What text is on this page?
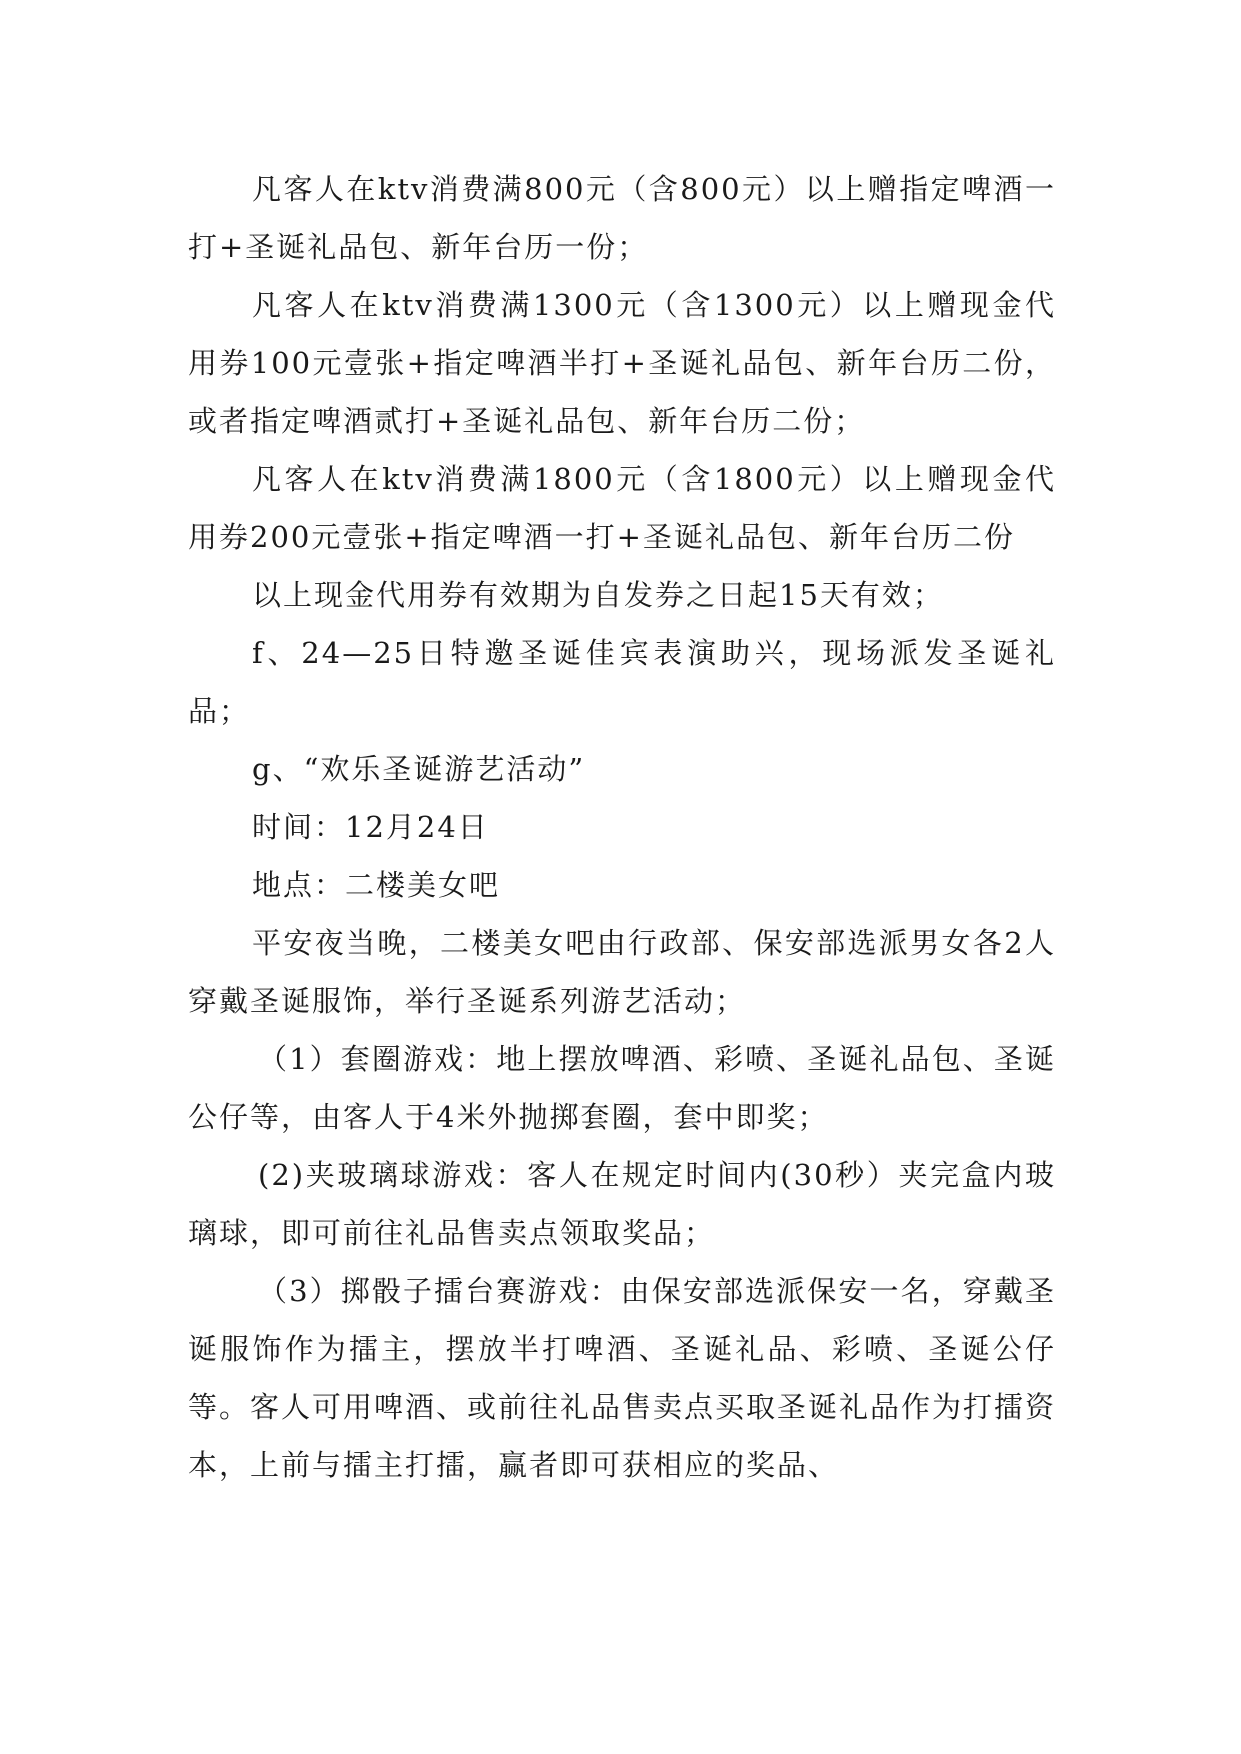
凡客人在ktv消费满800元（含800元）以上赠指定啤酒一打+圣诞礼品包、新年台历一份；

凡客人在ktv消费满1300元（含1300元）以上赠现金代用券100元壹张+指定啤酒半打+圣诞礼品包、新年台历二份，或者指定啤酒贰打+圣诞礼品包、新年台历二份；

凡客人在ktv消费满1800元（含1800元）以上赠现金代用券200元壹张+指定啤酒一打+圣诞礼品包、新年台历二份

以上现金代用券有效期为自发券之日起15天有效；

f、24—25日特邀圣诞佳宾表演助兴，现场派发圣诞礼品；

g、“欢乐圣诞游艺活动”

时间：12月24日

地点：二楼美女吧

平安夜当晚，二楼美女吧由行政部、保安部选派男女各2人穿戴圣诞服饰，举行圣诞系列游艺活动；

（1）套圈游戏：地上摆放啤酒、彩喷、圣诞礼品包、圣诞公仔等，由客人于4米外抛掷套圈，套中即奖；

(2)夹玻璃球游戏：客人在规定时间内(30秒）夹完盒内玻璃球，即可前往礼品售卖点领取奖品；

（3）掷骰子擂台赛游戏：由保安部选派保安一名，穿戴圣诞服饰作为擂主，摆放半打啤酒、圣诞礼品、彩喷、圣诞公仔等。客人可用啤酒、或前往礼品售卖点买取圣诞礼品作为打擂资本，上前与擂主打擂，赢者即可获相应的奖品、
